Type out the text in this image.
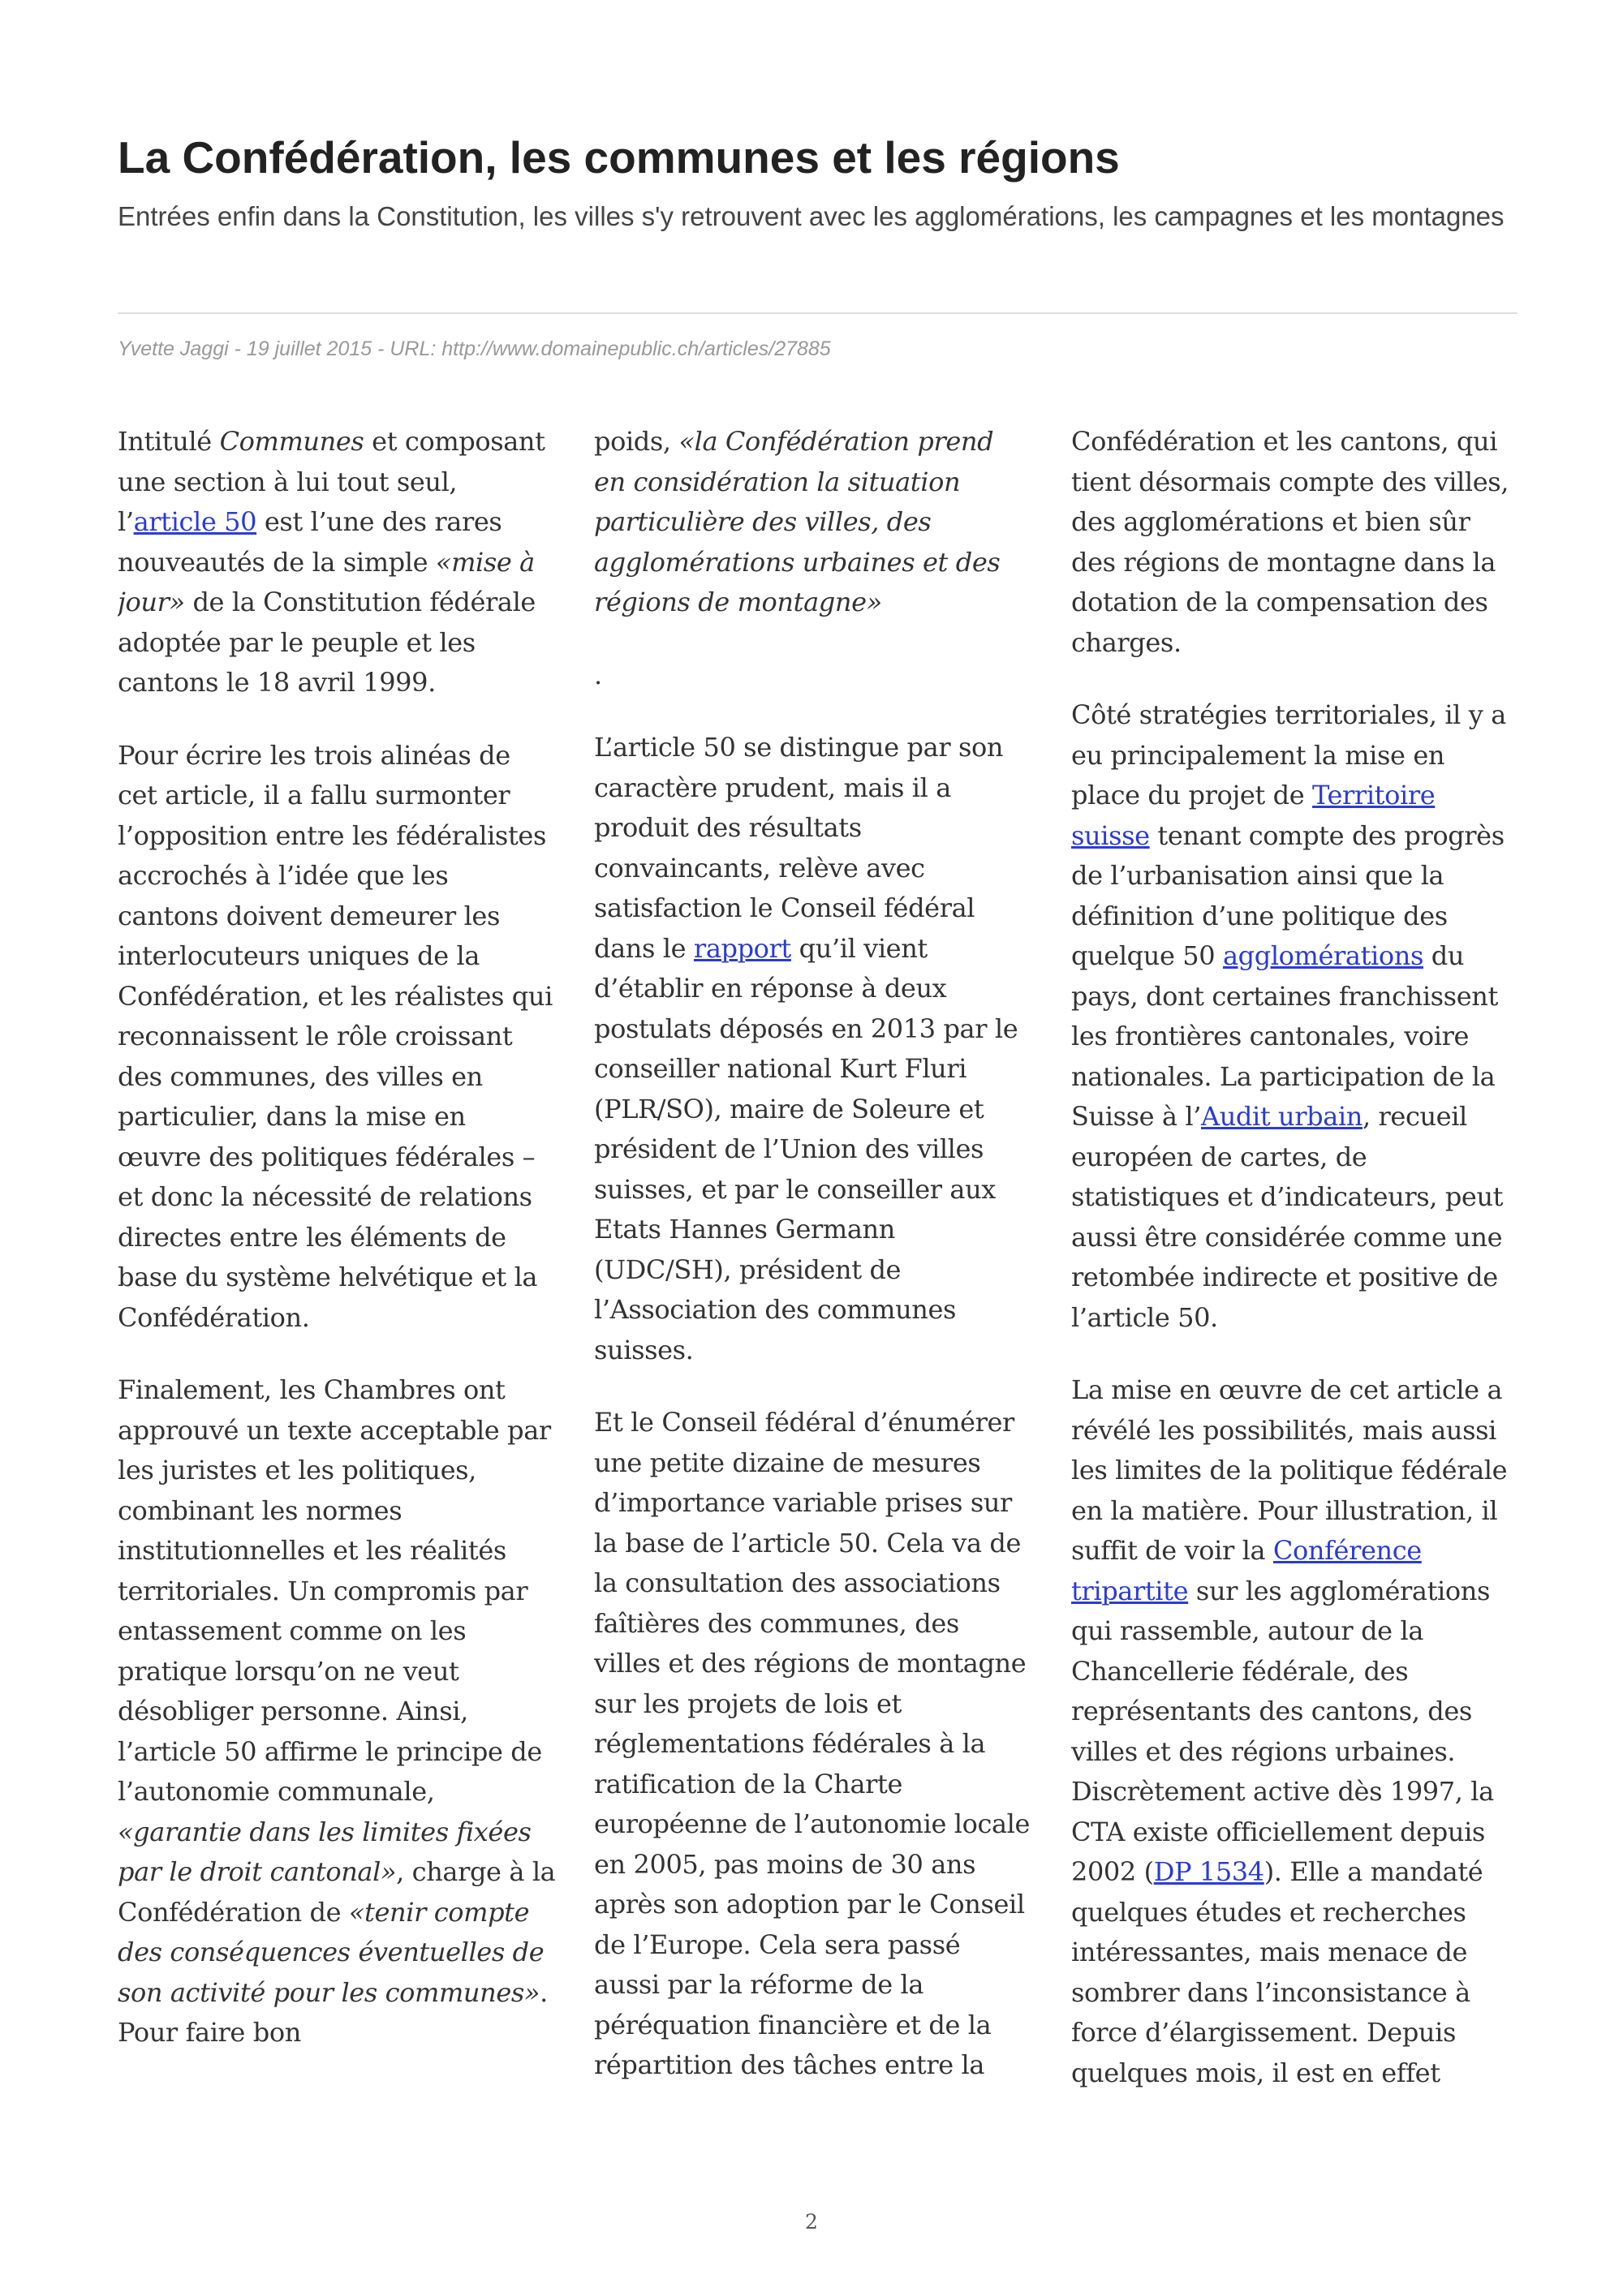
La Confédération, les communes et les régions

Entrées enfin dans la Constitution, les villes s'y retrouvent avec les agglomérations, les campagnes et les montagnes

Yvette Jaggi - 19 juillet 2015 - URL: http://www.domainepublic.ch/articles/27885

Intitulé Communes et composant une section à lui tout seul, l’article 50 est l’une des rares nouveautés de la simple «mise à jour» de la Constitution fédérale adoptée par le peuple et les cantons le 18 avril 1999.

Pour écrire les trois alinéas de cet article, il a fallu surmonter l’opposition entre les fédéralistes accrochés à l’idée que les cantons doivent demeurer les interlocuteurs uniques de la Confédération, et les réalistes qui reconnaissent le rôle croissant des communes, des villes en particulier, dans la mise en œuvre des politiques fédérales – et donc la nécessité de relations directes entre les éléments de base du système helvétique et la Confédération.

Finalement, les Chambres ont approuvé un texte acceptable par les juristes et les politiques, combinant les normes institutionnelles et les réalités territoriales. Un compromis par entassement comme on les pratique lorsqu’on ne veut désobliger personne. Ainsi, l’article 50 affirme le principe de l’autonomie communale, «garantie dans les limites fixées par le droit cantonal», charge à la Confédération de «tenir compte des conséquences éventuelles de son activité pour les communes». Pour faire bon

poids, «la Confédération prend en considération la situation particulière des villes, des agglomérations urbaines et des régions de montagne»

.

L’article 50 se distingue par son caractère prudent, mais il a produit des résultats convaincants, relève avec satisfaction le Conseil fédéral dans le rapport qu’il vient d’établir en réponse à deux postulats déposés en 2013 par le conseiller national Kurt Fluri (PLR/SO), maire de Soleure et président de l’Union des villes suisses, et par le conseiller aux Etats Hannes Germann (UDC/SH), président de l’Association des communes suisses.

Et le Conseil fédéral d’énumérer une petite dizaine de mesures d’importance variable prises sur la base de l’article 50. Cela va de la consultation des associations faîtières des communes, des villes et des régions de montagne sur les projets de lois et réglementations fédérales à la ratification de la Charte européenne de l’autonomie locale en 2005, pas moins de 30 ans après son adoption par le Conseil de l’Europe. Cela sera passé aussi par la réforme de la péréquation financière et de la répartition des tâches entre la

Confédération et les cantons, qui tient désormais compte des villes, des agglomérations et bien sûr des régions de montagne dans la dotation de la compensation des charges.

Côté stratégies territoriales, il y a eu principalement la mise en place du projet de Territoire suisse tenant compte des progrès de l’urbanisation ainsi que la définition d’une politique des quelque 50 agglomérations du pays, dont certaines franchissent les frontières cantonales, voire nationales. La participation de la Suisse à l’Audit urbain, recueil européen de cartes, de statistiques et d’indicateurs, peut aussi être considérée comme une retombée indirecte et positive de l’article 50.

La mise en œuvre de cet article a révélé les possibilités, mais aussi les limites de la politique fédérale en la matière. Pour illustration, il suffit de voir la Conférence tripartite sur les agglomérations qui rassemble, autour de la Chancellerie fédérale, des représentants des cantons, des villes et des régions urbaines. Discrètement active dès 1997, la CTA existe officiellement depuis 2002 (DP 1534). Elle a mandaté quelques études et recherches intéressantes, mais menace de sombrer dans l’inconsistance à force d’élargissement. Depuis quelques mois, il est en effet

2
